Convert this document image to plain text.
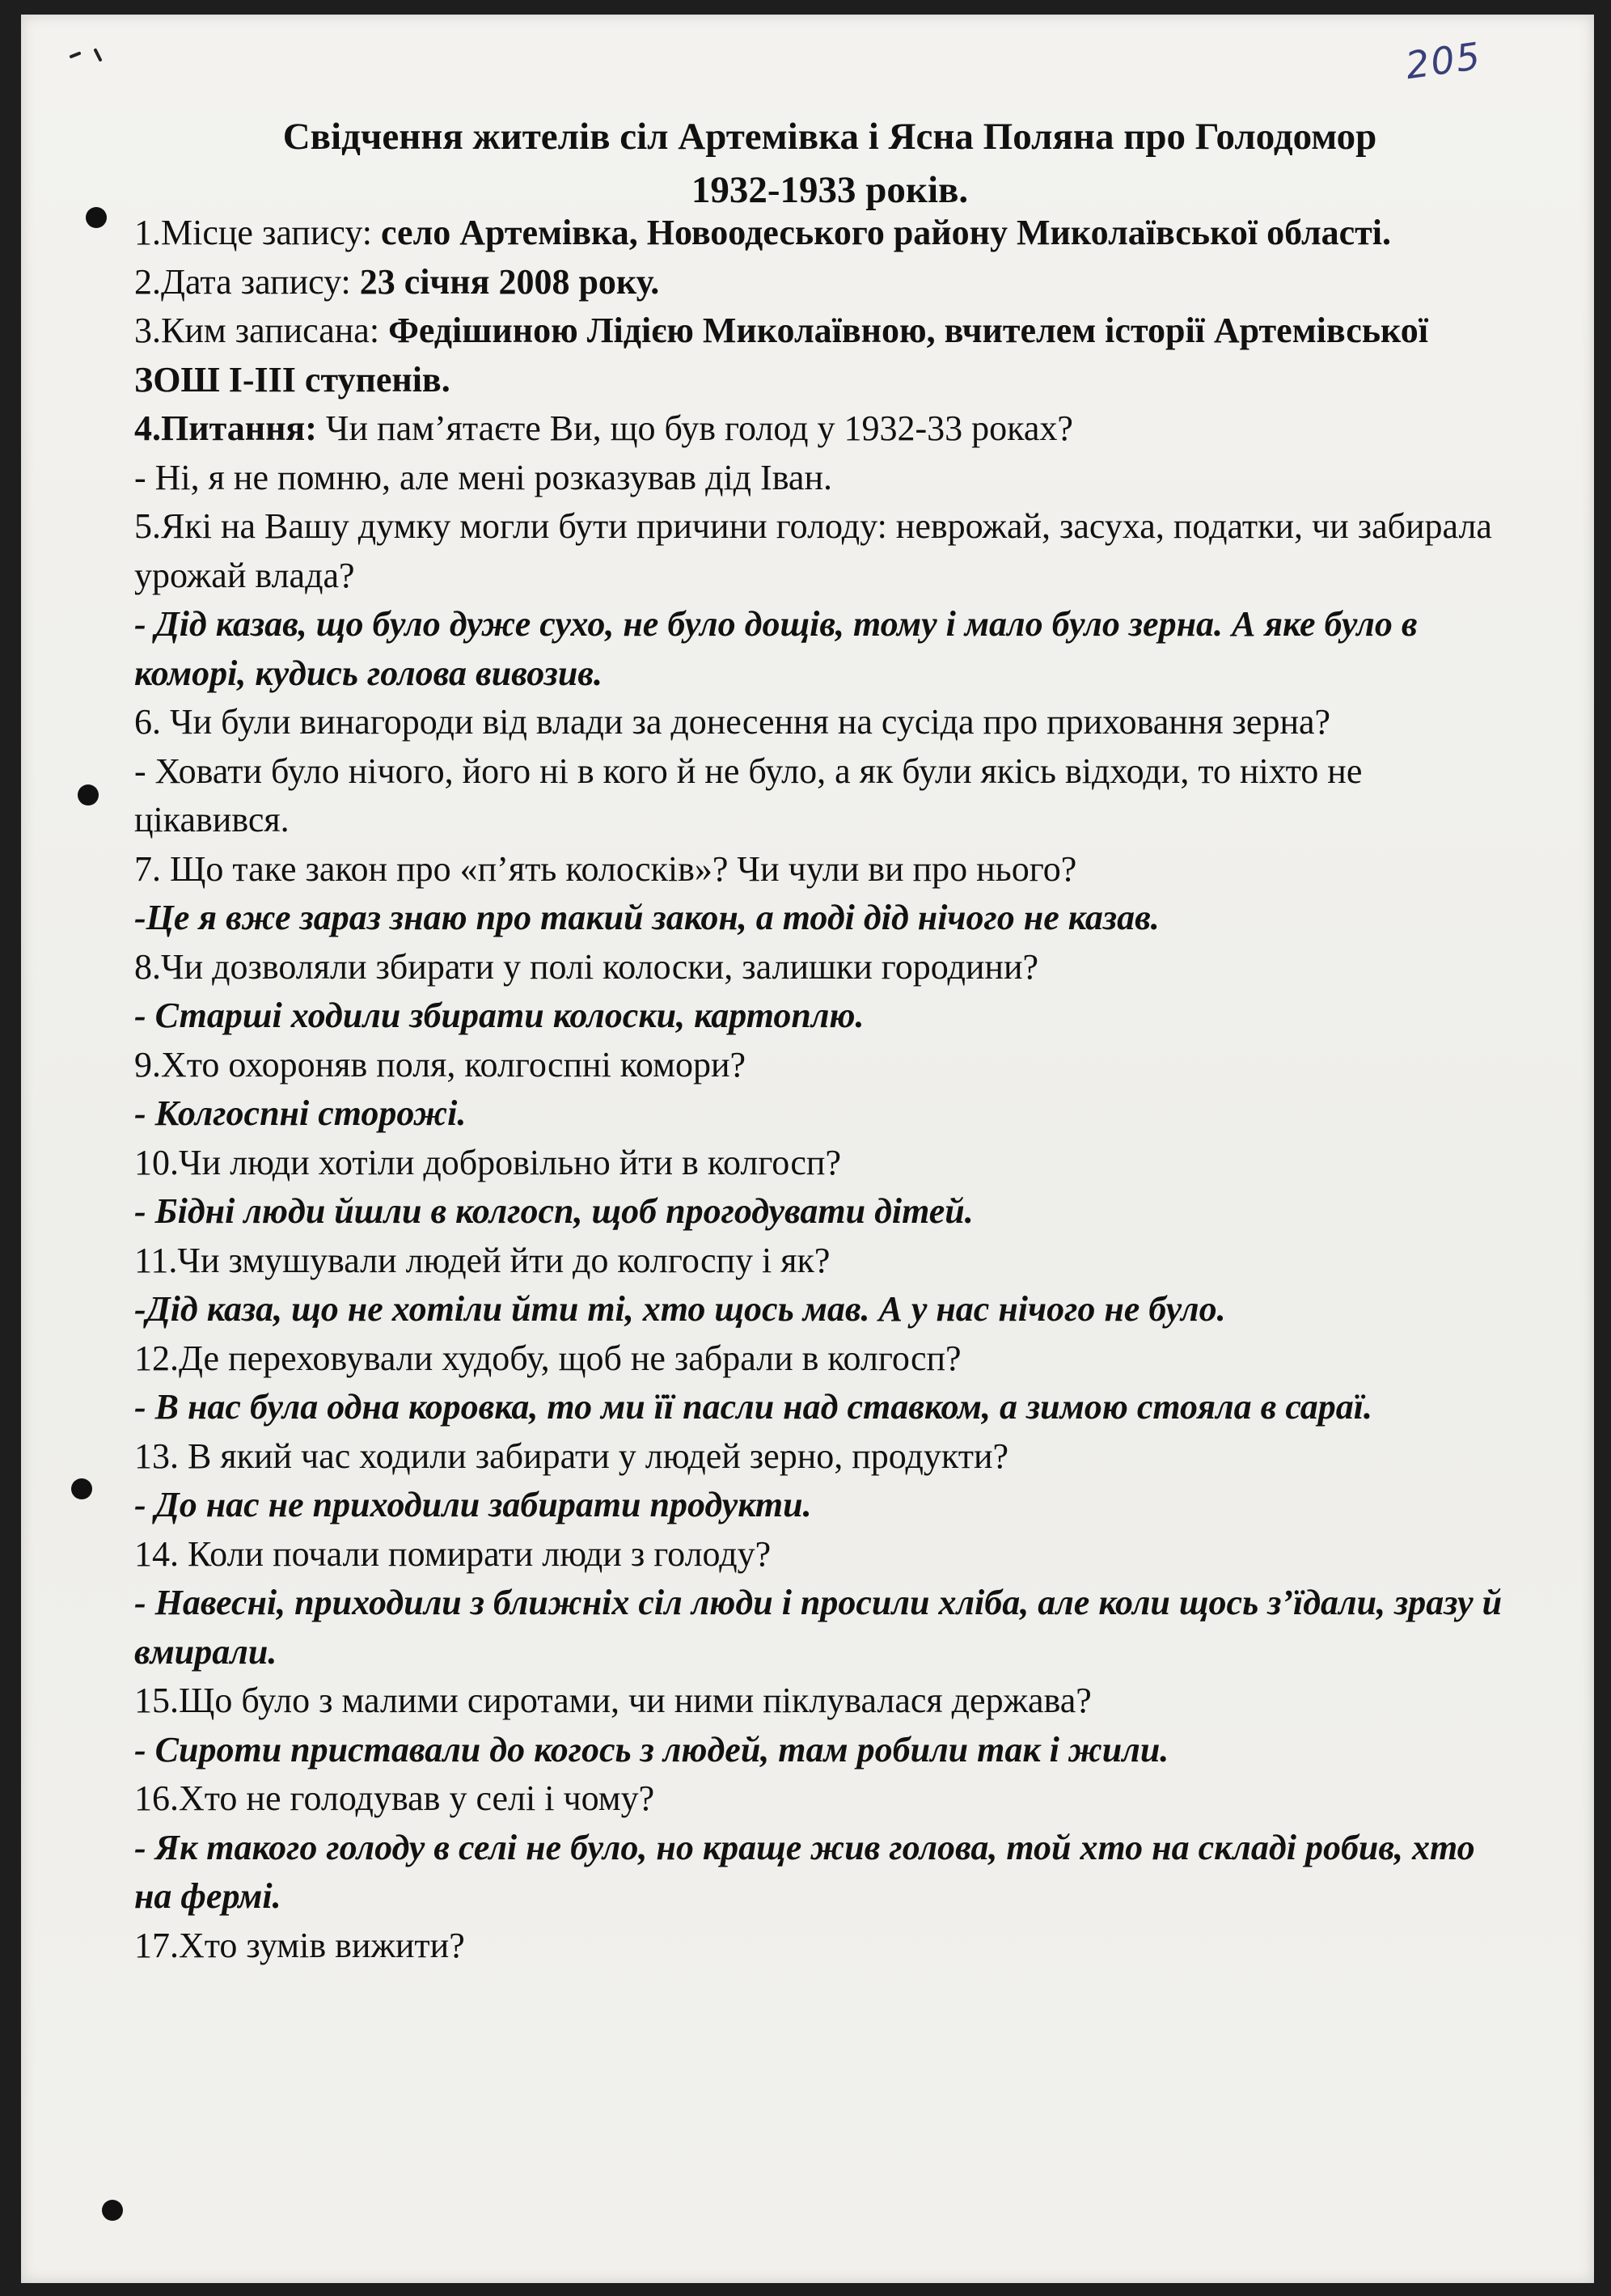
205
Свідчення жителів сіл Артемівка і Ясна Поляна про Голодомор
1932-1933 років.

1.Місце запису: село Артемівка, Новоодеського району Миколаївської області.

2.Дата запису: 23 січня 2008 року.

3.Ким записана: Федішиною Лідією Миколаївною, вчителем історії Артемівської ЗОШ І-ІІІ ступенів.

4.Питання: Чи пам’ятаєте Ви, що був голод у 1932-33 роках?

- Ні, я не помню, але мені розказував дід Іван.

5.Які на Вашу думку могли бути причини голоду: неврожай, засуха, податки, чи забирала урожай влада?

- Дід казав, що було дуже сухо, не було дощів, тому і мало було зерна. А яке було в коморі, кудись голова вивозив.

6. Чи були винагороди від влади за донесення на сусіда про приховання зерна?

- Ховати було нічого, його ні в кого й не було, а як були якісь відходи, то ніхто не цікавився.

7. Що таке закон про «п’ять колосків»? Чи чули ви про нього?

-Це я вже зараз знаю про такий закон, а тоді дід нічого не казав.

8.Чи дозволяли збирати у полі колоски, залишки городини?

- Старші ходили збирати колоски, картоплю.

9.Хто охороняв поля, колгоспні комори?

- Колгоспні сторожі.

10.Чи люди хотіли добровільно йти в колгосп?

- Бідні люди йшли в колгосп, щоб прогодувати дітей.

11.Чи змушували людей йти до колгоспу і як?

-Дід каза, що не хотіли йти ті, хто щось мав. А у нас нічого не було.

12.Де переховували худобу, щоб не забрали в колгосп?

- В нас була одна коровка, то ми її пасли над ставком, а зимою стояла в сараї.

13. В який час ходили забирати у людей зерно, продукти?

- До нас не приходили забирати продукти.

14. Коли почали помирати люди з голоду?

- Навесні, приходили з ближніх сіл люди і просили хліба, але коли щось з’їдали, зразу й вмирали.

15.Що було з малими сиротами, чи ними піклувалася держава?

- Сироти приставали до когось з людей, там робили так і жили.

16.Хто не голодував у селі і чому?

- Як такого голоду в селі не було, но краще жив голова, той хто на складі робив, хто на фермі.

17.Хто зумів вижити?
